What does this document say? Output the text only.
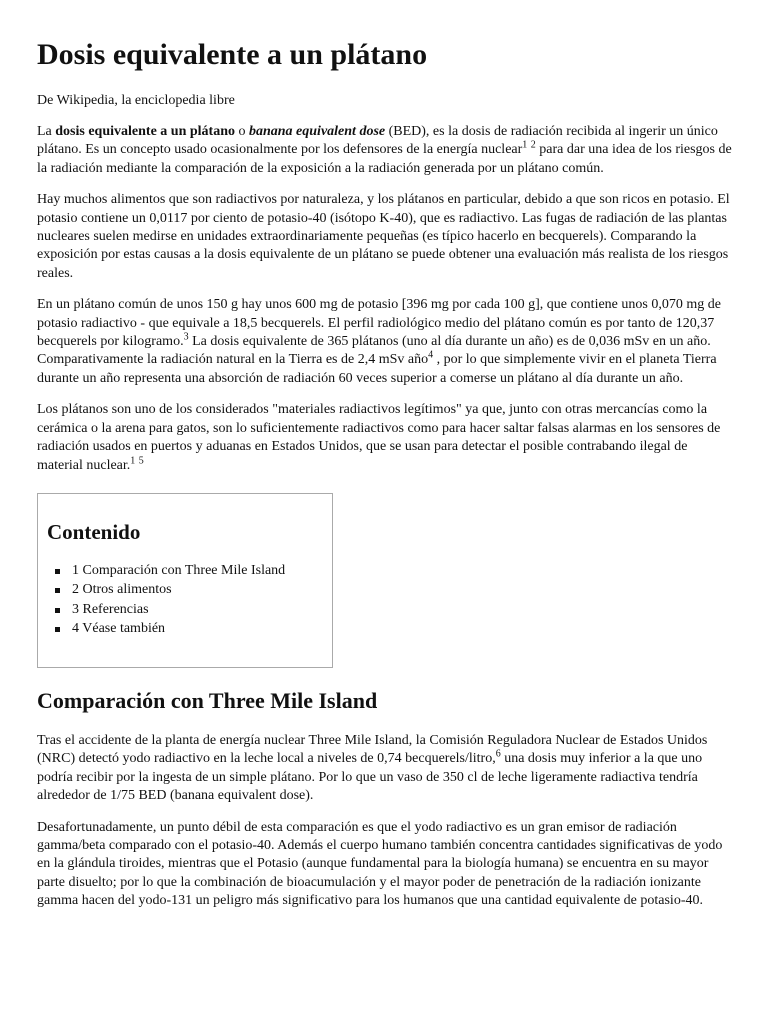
Dosis equivalente a un plátano
De Wikipedia, la enciclopedia libre

La dosis equivalente a un plátano o banana equivalent dose (BED), es la dosis de radiación recibida al ingerir un único plátano. Es un concepto usado ocasionalmente por los defensores de la energía nuclear$^1$ $^2$ para dar una idea de los riesgos de la radiación mediante la comparación de la exposición a la radiación generada por un plátano común.

Hay muchos alimentos que son radiactivos por naturaleza, y los plátanos en particular, debido a que son ricos en potasio. El potasio contiene un 0,0117 por ciento de potasio-40 (isótopo K-40), que es radiactivo. Las fugas de radiación de las plantas nucleares suelen medirse en unidades extraordinariamente pequeñas (es típico hacerlo en becquerels). Comparando la exposición por estas causas a la dosis equivalente de un plátano se puede obtener una evaluación más realista de los riesgos reales.

En un plátano común de unos 150 g hay unos 600 mg de potasio [396 mg por cada 100 g], que contiene unos 0,070 mg de potasio radiactivo - que equivale a 18,5 becquerels. El perfil radiológico medio del plátano común es por tanto de 120,37 becquerels por kilogramo.$^3$ La dosis equivalente de 365 plátanos (uno al día durante un año) es de 0,036 mSv en un año. Comparativamente la radiación natural en la Tierra es de 2,4 mSv año$^4$ , por lo que simplemente vivir en el planeta Tierra durante un año representa una absorción de radiación 60 veces superior a comerse un plátano al día durante un año.

Los plátanos son uno de los considerados "materiales radiactivos legítimos" ya que, junto con otras mercancías como la cerámica o la arena para gatos, son lo suficientemente radiactivos como para hacer saltar falsas alarmas en los sensores de radiación usados en puertos y aduanas en Estados Unidos, que se usan para detectar el posible contrabando ilegal de material nuclear.$^1$ $^5$

Contenido
1 Comparación con Three Mile Island
2 Otros alimentos
3 Referencias
4 Véase también
Comparación con Three Mile Island

Tras el accidente de la planta de energía nuclear Three Mile Island, la Comisión Reguladora Nuclear de Estados Unidos (NRC) detectó yodo radiactivo en la leche local a niveles de 0,74 becquerels/litro,$^6$ una dosis muy inferior a la que uno podría recibir por la ingesta de un simple plátano. Por lo que un vaso de 350 cl de leche ligeramente radiactiva tendría alrededor de 1/75 BED (banana equivalent dose).

Desafortunadamente, un punto débil de esta comparación es que el yodo radiactivo es un gran emisor de radiación gamma/beta comparado con el potasio-40. Además el cuerpo humano también concentra cantidades significativas de yodo en la glándula tiroides, mientras que el Potasio (aunque fundamental para la biología humana) se encuentra en su mayor parte disuelto; por lo que la combinación de bioacumulación y el mayor poder de penetración de la radiación ionizante gamma hacen del yodo-131 un peligro más significativo para los humanos que una cantidad equivalente de potasio-40.
